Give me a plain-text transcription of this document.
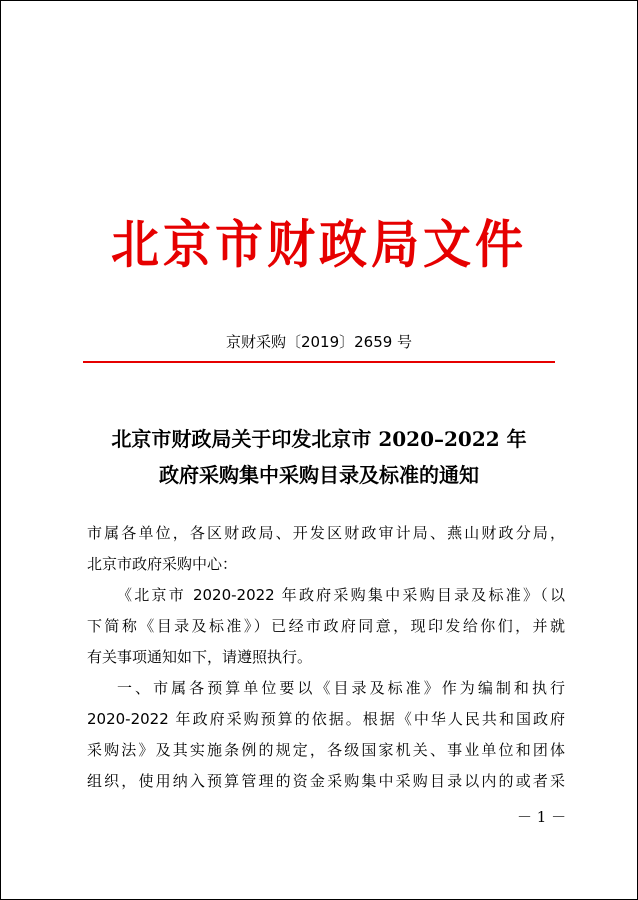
北京市财政局文件
京财采购〔2019〕2659 号
北京市财政局关于印发北京市 2020–2022 年
政府采购集中采购目录及标准的通知
市属各单位，各区财政局、开发区财政审计局、燕山财政分局，
北京市政府采购中心：
《北京市 2020-2022 年政府采购集中采购目录及标准》（以
下简称《目录及标准》）已经市政府同意，现印发给你们，并就
有关事项通知如下，请遵照执行。
一、市属各预算单位要以《目录及标准》作为编制和执行
2020-2022 年政府采购预算的依据。根据《中华人民共和国政府
采购法》及其实施条例的规定，各级国家机关、事业单位和团体
组织，使用纳入预算管理的资金采购集中采购目录以内的或者采
－ 1 －
